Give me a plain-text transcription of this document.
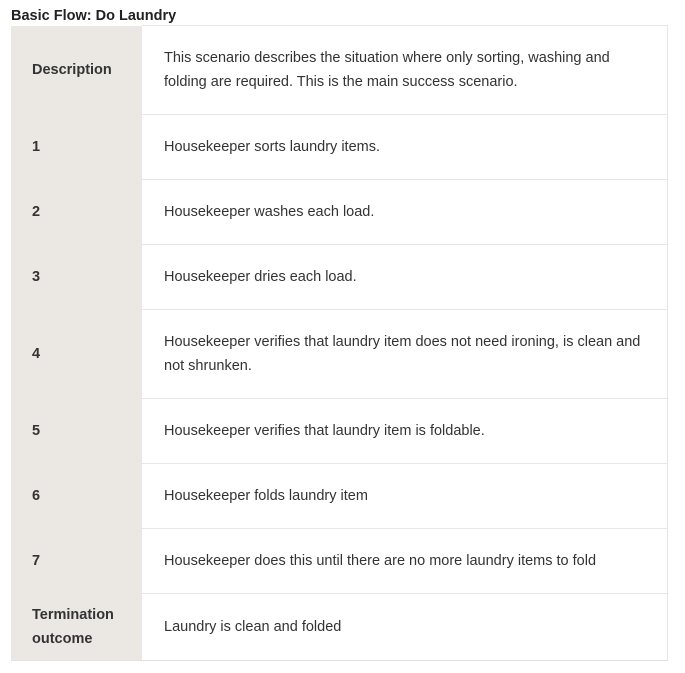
Basic Flow: Do Laundry
Description	This scenario describes the situation where only sorting, washing and folding are required. This is the main success scenario.
1	Housekeeper sorts laundry items.
2	Housekeeper washes each load.
3	Housekeeper dries each load.
4	Housekeeper verifies that laundry item does not need ironing, is clean and not shrunken.
5	Housekeeper verifies that laundry item is foldable.
6	Housekeeper folds laundry item
7	Housekeeper does this until there are no more laundry items to fold
Termination outcome	Laundry is clean and folded
